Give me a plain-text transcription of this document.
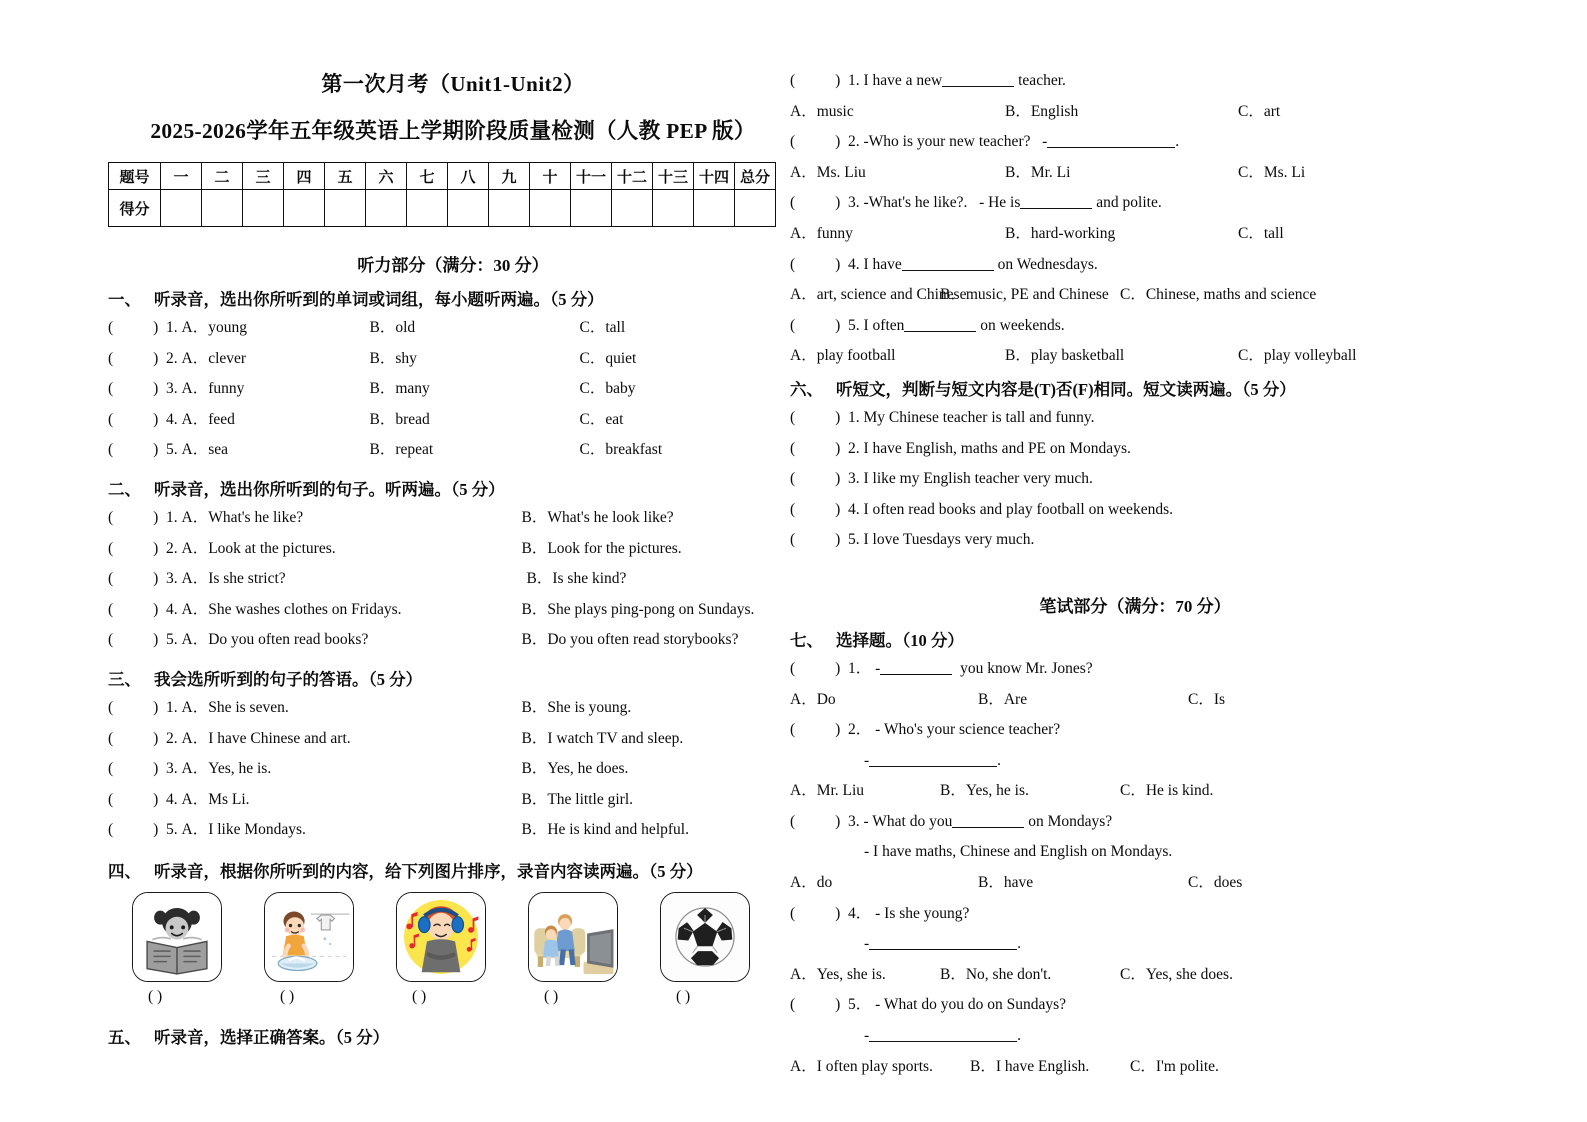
第一次月考（Unit1-Unit2）
2025-2026学年五年级英语上学期阶段质量检测（人教 PEP 版）
题号	一	二	三	四	五	六	七	八	九	十	十一	十二	十三	十四	总分
得分															
听力部分（满分：30 分）
一、 听录音，选出你所听到的单词或词组，每小题听两遍。（5 分）
(	) 1. A．young	B．old	C．tall
(	) 2. A．clever	B．shy	C．quiet
(	) 3. A．funny	B．many	C．baby
(	) 4. A．feed	B．bread	C．eat
(	) 5. A．sea	B．repeat	C．breakfast
二、 听录音，选出你所听到的句子。听两遍。（5 分）
(	) 1. A．What's he like?	B．What's he look like?
(	) 2. A．Look at the pictures.	B．Look for the pictures.
(	) 3. A．Is she strict?	B．Is she kind?
(	) 4. A．She washes clothes on Fridays.	B．She plays ping-pong on Sundays.
(	) 5. A．Do you often read books?	B．Do you often read storybooks?
三、 我会选所听到的句子的答语。（5 分）
(	) 1. A．She is seven.	B．She is young.
(	) 2. A．I have Chinese and art.	B．I watch TV and sleep.
(	) 3. A．Yes, he is.	B．Yes, he does.
(	) 4. A．Ms Li.	B．The little girl.
(	) 5. A．I like Mondays.	B．He is kind and helpful.
四、 听录音，根据你所听到的内容，给下列图片排序，录音内容读两遍。（5 分）
( )	( )	( )	( )	( )
五、 听录音，选择正确答案。（5 分）
(	) 1. I have a new	teacher.
A．music	B．English	C．art
(	) 2. -Who is your new teacher? -	.
A．Ms. Liu	B．Mr. Li	C．Ms. Li
(	) 3. -What's he like?. - He is	and polite.
A．funny	B．hard-working	C．tall
(	) 4. I have	on Wednesdays.
A．art, science and Chinese
B．music, PE and Chinese C．Chinese, maths and science
(	) 5. I often	on weekends.
A．play football	B．play basketball	C．play volleyball
六、 听短文，判断与短文内容是(T)否(F)相同。短文读两遍。（5 分）
(	) 1. My Chinese teacher is tall and funny.
(	) 2. I have English, maths and PE on Mondays.
(	) 3. I like my English teacher very much.
(	) 4. I often read books and play football on weekends.
(	) 5. I love Tuesdays very much.
笔试部分（满分：70 分）
七、 选择题。（10 分）
(	) 1． -	you know Mr. Jones?
A．Do	B．Are	C．Is
(	) 2． - Who's your science teacher?
-	.
A．Mr. Liu	B．Yes, he is.	C．He is kind.
(	) 3. - What do you	on Mondays?
- I have maths, Chinese and English on Mondays.
A．do	B．have	C．does
(	) 4． - Is she young?
-	.
A．Yes, she is.	B．No, she don't.	C．Yes, she does.
(	) 5． - What do you do on Sundays?
-	.
A．I often play sports. B．I have English.	C．I'm polite.
